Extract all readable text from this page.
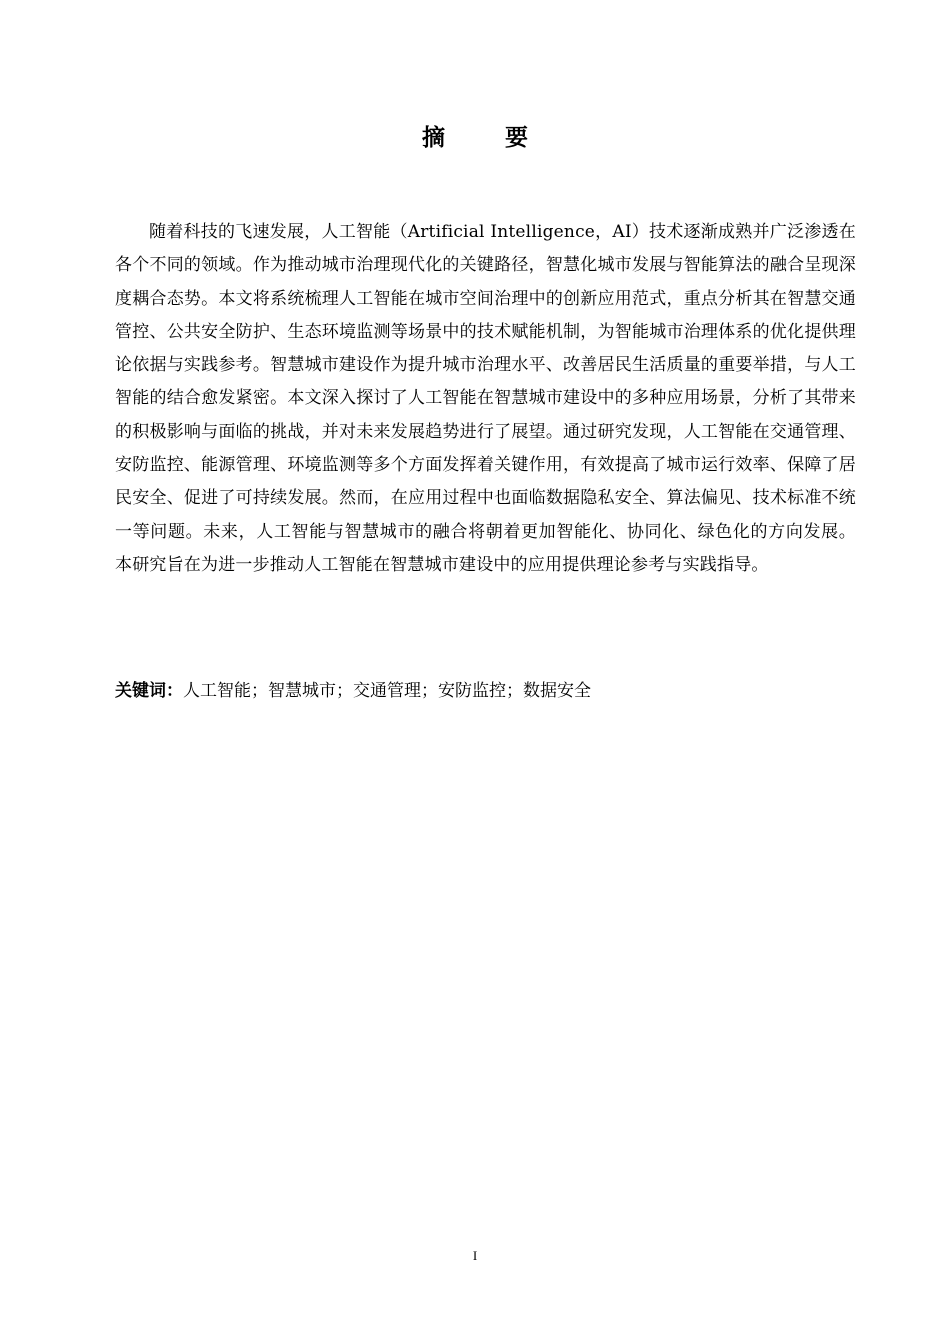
摘 要

随着科技的飞速发展，人工智能（Artificial Intelligence，AI）技术逐渐成熟并广泛渗透在各个不同的领域。作为推动城市治理现代化的关键路径，智慧化城市发展与智能算法的融合呈现深度耦合态势。本文将系统梳理人工智能在城市空间治理中的创新应用范式，重点分析其在智慧交通管控、公共安全防护、生态环境监测等场景中的技术赋能机制，为智能城市治理体系的优化提供理论依据与实践参考。智慧城市建设作为提升城市治理水平、改善居民生活质量的重要举措，与人工智能的结合愈发紧密。本文深入探讨了人工智能在智慧城市建设中的多种应用场景，分析了其带来的积极影响与面临的挑战，并对未来发展趋势进行了展望。通过研究发现，人工智能在交通管理、安防监控、能源管理、环境监测等多个方面发挥着关键作用，有效提高了城市运行效率、保障了居民安全、促进了可持续发展。然而，在应用过程中也面临数据隐私安全、算法偏见、技术标准不统一等问题。未来，人工智能与智慧城市的融合将朝着更加智能化、协同化、绿色化的方向发展。 本研究旨在为进一步推动人工智能在智慧城市建设中的应用提供理论参考与实践指导。

关键词：人工智能；智慧城市；交通管理；安防监控；数据安全

I
